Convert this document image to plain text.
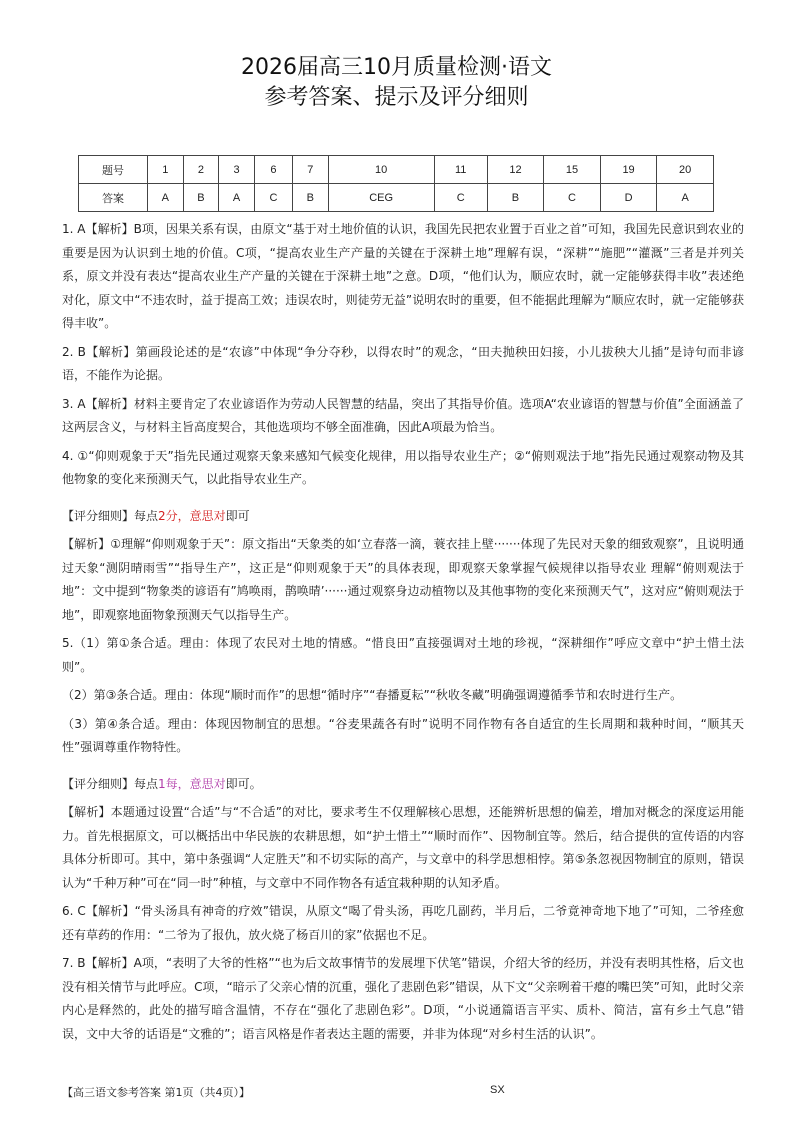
2026届高三10月质量检测·语文
参考答案、提示及评分细则
题号	1	2	3	6	7	10	11	12	15	19	20
答案	A	B	A	C	B	CEG	C	B	C	D	A

1. A【解析】B项，因果关系有误，由原文“基于对土地价值的认识，我国先民把农业置于百业之首”可知，我国先民意识到农业的重要是因为认识到土地的价值。C项，“提高农业生产产量的关键在于深耕土地”理解有误，“深耕”“施肥”“灌溉”三者是并列关系，原文并没有表达“提高农业生产产量的关键在于深耕土地”之意。D项，“他们认为，顺应农时，就一定能够获得丰收”表述绝对化，原文中“不违农时，益于提高工效；违误农时，则徒劳无益”说明农时的重要，但不能据此理解为“顺应农时，就一定能够获得丰收”。

2. B【解析】第画段论述的是“农谚”中体现“争分夺秒，以得农时”的观念，“田夫抛秧田妇接，小儿拔秧大儿插”是诗句而非谚语，不能作为论据。

3. A【解析】材料主要肯定了农业谚语作为劳动人民智慧的结晶，突出了其指导价值。选项A“农业谚语的智慧与价值”全面涵盖了这两层含义，与材料主旨高度契合，其他选项均不够全面准确，因此A项最为恰当。

4. ①“仰则观象于天”指先民通过观察天象来感知气候变化规律，用以指导农业生产；②“俯则观法于地”指先民通过观察动物及其他物象的变化来预测天气，以此指导农业生产。

【评分细则】每点2分，意思对即可

【解析】①理解“仰则观象于天”：原文指出“天象类的如‘立春落一滴，蓑衣挂上壁·······体现了先民对天象的细致观察”，且说明通过天象“测阴晴雨雪”“指导生产”，这正是“仰则观象于天”的具体表现，即观察天象掌握气候规律以指导农业 理解“俯则观法于地”：文中提到“物象类的谚语有”鸠唤雨，鹊唤晴’······通过观察身边动植物以及其他事物的变化来预测天气”，这对应“俯则观法于地”，即观察地面物象预测天气以指导生产。

5.（1）第①条合适。理由：体现了农民对土地的情感。“惜良田”直接强调对土地的珍视，“深耕细作”呼应文章中“护土惜土法则”。

（2）第③条合适。理由：体现“顺时而作”的思想“循时序”“春播夏耘”“秋收冬藏”明确强调遵循季节和农时进行生产。

（3）第④条合适。理由：体现因物制宜的思想。“谷麦果蔬各有时”说明不同作物有各自适宜的生长周期和栽种时间，“顺其天性”强调尊重作物特性。

【评分细则】每点1每，意思对即可。

【解析】本题通过设置“合适”与“不合适”的对比，要求考生不仅理解核心思想，还能辨析思想的偏差，增加对概念的深度运用能力。首先根据原文，可以概括出中华民族的农耕思想，如“护土惜土”“顺时而作”、因物制宜等。然后，结合提供的宣传语的内容具体分析即可。其中，第中条强调“人定胜天”和不切实际的高产，与文章中的科学思想相悖。第⑤条忽视因物制宜的原则，错误认为“千种万种”可在“同一时”种植，与文章中不同作物各有适宜栽种期的认知矛盾。

6. C【解析】“骨头汤具有神奇的疗效”错误，从原文“喝了骨头汤，再吃几副药，半月后，二爷竟神奇地下地了”可知，二爷痊愈还有草药的作用：“二爷为了报仇，放火烧了杨百川的家”依据也不足。

7. B【解析】A项，“表明了大爷的性格”“也为后文故事情节的发展埋下伏笔”错误，介绍大爷的经历，并没有表明其性格，后文也没有相关情节与此呼应。C项，“暗示了父亲心情的沉重，强化了悲剧色彩”错误，从下文“父亲咧着干瘪的嘴巴笑”可知，此时父亲内心是释然的，此处的描写暗含温情，不存在“强化了悲剧色彩”。D项，“小说通篇语言平实、质朴、简洁，富有乡土气息”错误，文中大爷的话语是“文雅的”；语言风格是作者表达主题的需要，并非为体现“对乡村生活的认识”。

【高三语文参考答案 第1页（共4页）】	SX
